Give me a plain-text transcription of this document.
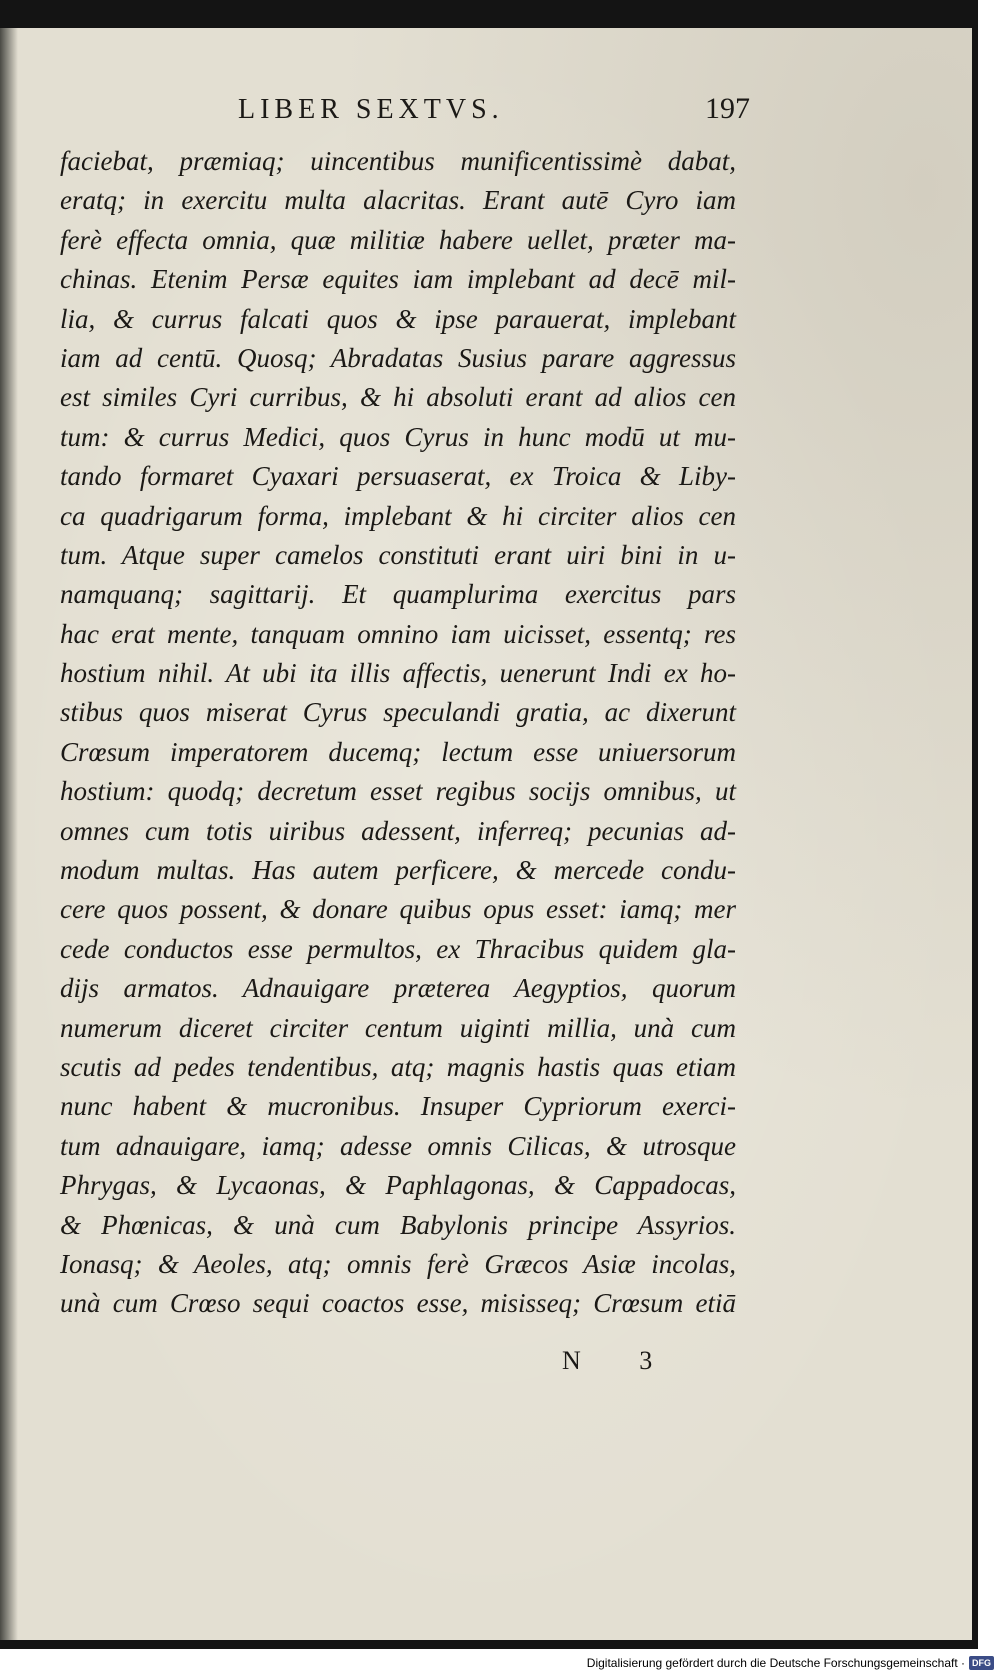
LIBER SEXTVS.	197
faciebat, præmiaq; uincentibus munificentissimè dabat,
eratq; in exercitu multa alacritas. Erant autē Cyro iam
ferè effecta omnia, quæ militiæ habere uellet, præter ma-
chinas. Etenim Persæ equites iam implebant ad decē mil-
lia, & currus falcati quos & ipse parauerat, implebant
iam ad centū. Quosq; Abradatas Susius parare aggressus
est similes Cyri curribus, & hi absoluti erant ad alios cen
tum: & currus Medici, quos Cyrus in hunc modū ut mu-
tando formaret Cyaxari persuaserat, ex Troica & Liby-
ca quadrigarum forma, implebant & hi circiter alios cen
tum. Atque super camelos constituti erant uiri bini in u-
namquanq; sagittarij. Et quamplurima exercitus pars
hac erat mente, tanquam omnino iam uicisset, essentq; res
hostium nihil. At ubi ita illis affectis, uenerunt Indi ex ho-
stibus quos miserat Cyrus speculandi gratia, ac dixerunt
Crœsum imperatorem ducemq; lectum esse uniuersorum
hostium: quodq; decretum esset regibus socijs omnibus, ut
omnes cum totis uiribus adessent, inferreq; pecunias ad-
modum multas. Has autem perficere, & mercede condu-
cere quos possent, & donare quibus opus esset: iamq; mer
cede conductos esse permultos, ex Thracibus quidem gla-
dijs armatos. Adnauigare præterea Aegyptios, quorum
numerum diceret circiter centum uiginti millia, unà cum
scutis ad pedes tendentibus, atq; magnis hastis quas etiam
nunc habent & mucronibus. Insuper Cypriorum exerci-
tum adnauigare, iamq; adesse omnis Cilicas, & utrosque
Phrygas, & Lycaonas, & Paphlagonas, & Cappadocas,
& Phœnicas, & unà cum Babylonis principe Assyrios.
Ionasq; & Aeoles, atq; omnis ferè Græcos Asiæ incolas,
unà cum Crœso sequi coactos esse, misisseq; Crœsum etiā
N 3
Digitalisierung gefördert durch die Deutsche Forschungsgemeinschaft · DFG
